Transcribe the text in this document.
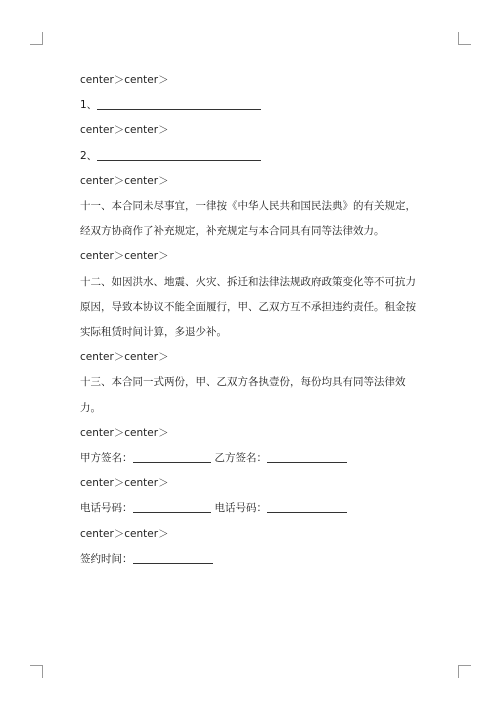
center＞center＞
1、
center＞center＞
2、
center＞center＞

十一、本合同未尽事宜，一律按《中华人民共和国民法典》的有关规定，经双方协商作了补充规定，补充规定与本合同具有同等法律效力。

center＞center＞

十二、如因洪水、地震、火灾、拆迁和法律法规政府政策变化等不可抗力原因，导致本协议不能全面履行，甲、乙双方互不承担违约责任。租金按实际租赁时间计算，多退少补。

center＞center＞

十三、本合同一式两份，甲、乙双方各执壹份，每份均具有同等法律效力。

center＞center＞
甲方签名：	乙方签名：
center＞center＞
电话号码：	电话号码：
center＞center＞
签约时间：
